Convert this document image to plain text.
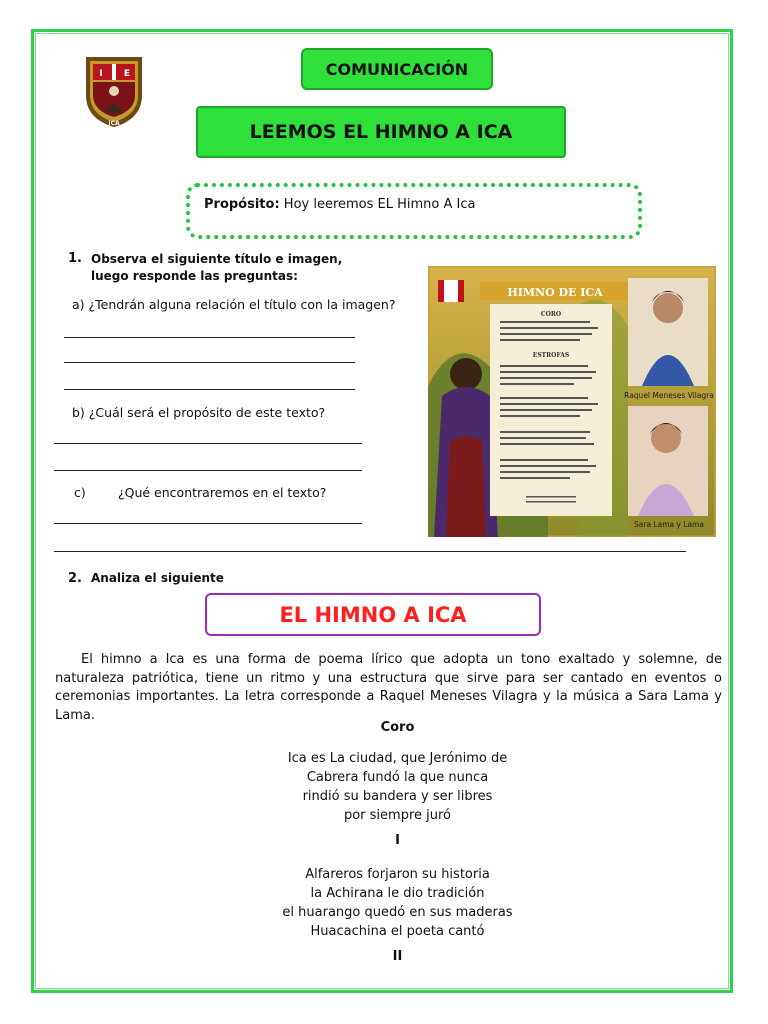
I E
ICA
COMUNICACIÓN
LEEMOS EL HIMNO A ICA
Propósito: Hoy leeremos EL Himno A Ica
1. Observa el siguiente título e imagen, luego responde las preguntas:
a) ¿Tendrán alguna relación el título con la imagen?
b) ¿Cuál será el propósito de este texto?
c)	¿Qué encontraremos en el texto?
HIMNO DE ICA
CORO
ESTROFAS
Raquel Meneses Vilagra
Sara Lama y Lama
2. Analiza el siguiente
EL HIMNO A ICA
El himno a Ica es una forma de poema lírico que adopta un tono exaltado y solemne, de naturaleza patriótica, tiene un ritmo y una estructura que sirve para ser cantado en eventos o ceremonias importantes. La letra corresponde a Raquel Meneses Vilagra y la música a Sara Lama y Lama.
Coro
Ica es La ciudad, que Jerónimo de
Cabrera fundó la que nunca
rindió su bandera y ser libres
por siempre juró
I
Alfareros forjaron su historia
la Achirana le dio tradición
el huarango quedó en sus maderas
Huacachina el poeta cantó
II
